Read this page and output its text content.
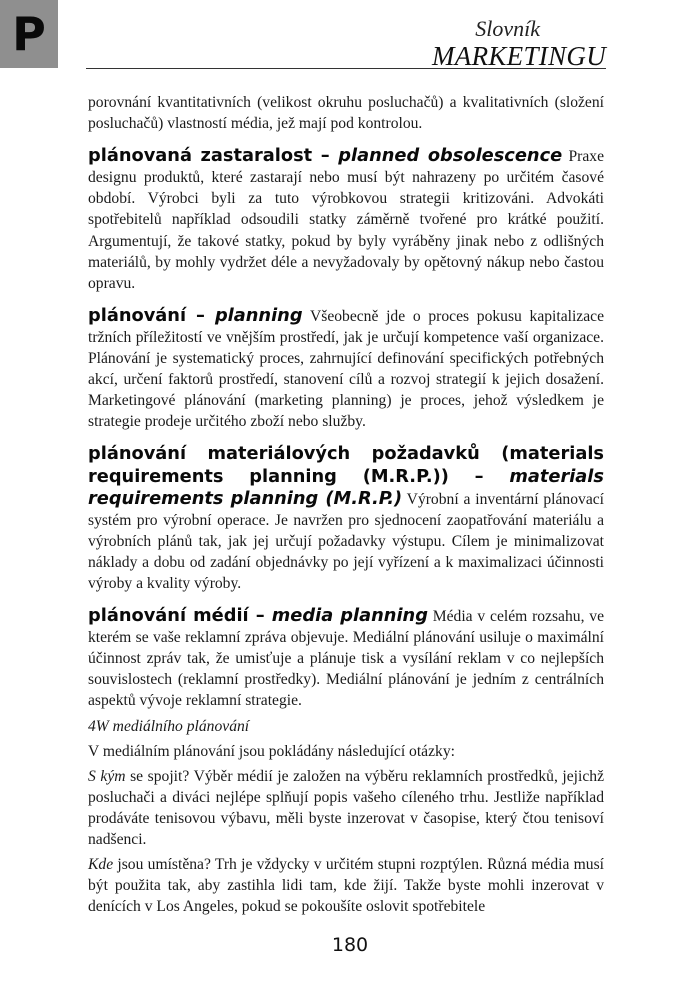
P	Slovník
MARKETINGU

porovnání kvantitativních (velikost okruhu posluchačů) a kvalitativních (složení posluchačů) vlastností média, jež mají pod kontrolou.

plánovaná zastaralost – planned obsolescence Praxe designu produktů, které zastarají nebo musí být nahrazeny po určitém časové období. Výrobci byli za tuto výrobkovou strategii kritizováni. Advokáti spotřebitelů například odsoudili statky záměrně tvořené pro krátké použití. Argumentují, že takové statky, pokud by byly vyráběny jinak nebo z odlišných materiálů, by mohly vydržet déle a nevyžadovaly by opětovný nákup nebo častou opravu.

plánování – planning Všeobecně jde o proces pokusu kapitalizace tržních příležitostí ve vnějším prostředí, jak je určují kompetence vaší organizace. Plánování je systematický proces, zahrnující definování specifických potřebných akcí, určení faktorů prostředí, stanovení cílů a rozvoj strategií k jejich dosažení. Marketingové plánování (marketing planning) je proces, jehož výsledkem je strategie prodeje určitého zboží nebo služby.

plánování materiálových požadavků (materials requirements planning (M.R.P.)) – materials requirements planning (M.R.P.) Výrobní a inventární plánovací systém pro výrobní operace. Je navržen pro sjednocení zaopatřování materiálu a výrobních plánů tak, jak jej určují požadavky výstupu. Cílem je minimalizovat náklady a dobu od zadání objednávky po její vyřízení a k maximalizaci účinnosti výroby a kvality výroby.

plánování médií – media planning Média v celém rozsahu, ve kterém se vaše reklamní zpráva objevuje. Mediální plánování usiluje o maximální účinnost zpráv tak, že umisťuje a plánuje tisk a vysílání reklam v co nejlepších souvislostech (reklamní prostředky). Mediální plánování je jedním z centrálních aspektů vývoje reklamní strategie.

4W mediálního plánování

V mediálním plánování jsou pokládány následující otázky:

S kým se spojit? Výběr médií je založen na výběru reklamních prostředků, jejichž posluchači a diváci nejlépe splňují popis vašeho cíleného trhu. Jestliže například prodáváte tenisovou výbavu, měli byste inzerovat v časopise, který čtou tenisoví nadšenci.

Kde jsou umístěna? Trh je vždycky v určitém stupni rozptýlen. Různá média musí být použita tak, aby zastihla lidi tam, kde žijí. Takže byste mohli inzerovat v denících v Los Angeles, pokud se pokoušíte oslovit spotřebitele

180
